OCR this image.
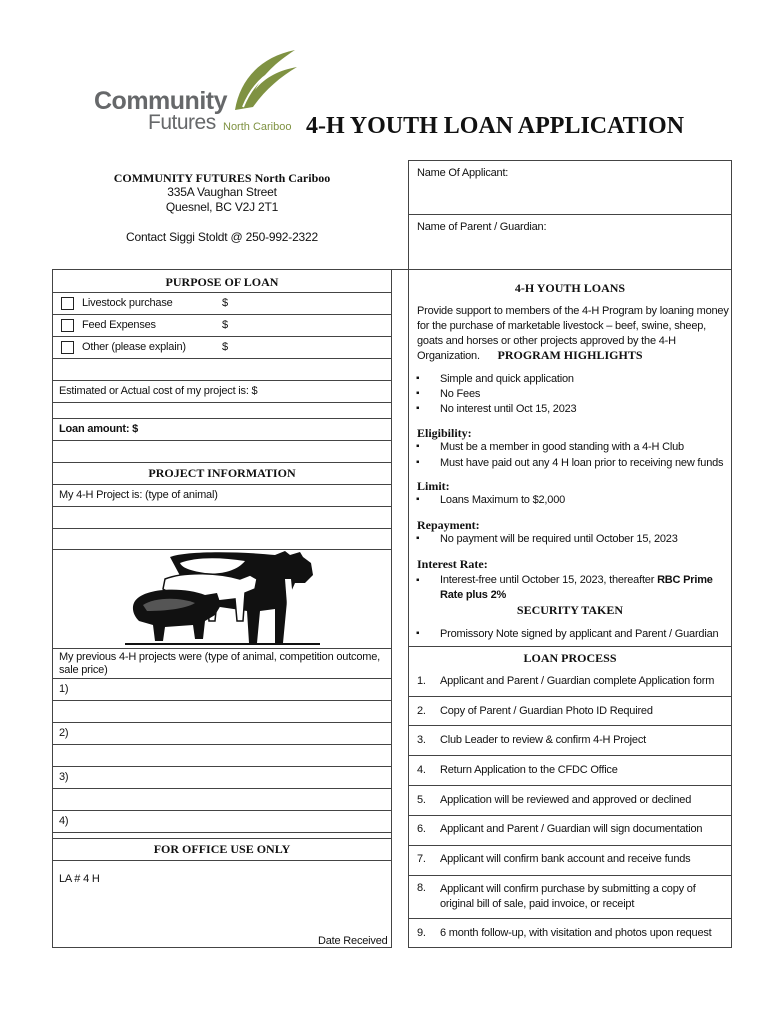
Community
Futures North Cariboo 4-H YOUTH LOAN APPLICATION
COMMUNITY FUTURES North Cariboo
335A Vaughan Street
Quesnel, BC V2J 2T1
Contact Siggi Stoldt @ 250-992-2322
Name Of Applicant:
Name of Parent / Guardian:
PURPOSE OF LOAN
Livestock purchase	$
Feed Expenses	$
Other (please explain)	$
Estimated or Actual cost of my project is: $
Loan amount: $
PROJECT INFORMATION
My 4-H Project is: (type of animal)
My previous 4-H projects were (type of animal, competition outcome, sale price)
1)
2)
3)
4)
FOR OFFICE USE ONLY
LA # 4 H
Date Received
4-H YOUTH LOANS
Provide support to members of the 4-H Program by loaning money for the purchase of marketable livestock – beef, swine, sheep, goats and horses or other projects approved by the 4-H Organization.	PROGRAM HIGHLIGHTS
▪ Simple and quick application
▪ No Fees
▪ No interest until Oct 15, 2023
Eligibility:
▪ Must be a member in good standing with a 4-H Club
▪ Must have paid out any 4 H loan prior to receiving new funds
Limit:
▪ Loans Maximum to $2,000
Repayment:
▪ No payment will be required until October 15, 2023
Interest Rate:
▪ Interest-free until October 15, 2023, thereafter RBC Prime Rate plus 2%
SECURITY TAKEN
▪ Promissory Note signed by applicant and Parent / Guardian
LOAN PROCESS
1. Applicant and Parent / Guardian complete Application form
2. Copy of Parent / Guardian Photo ID Required
3. Club Leader to review & confirm 4-H Project
4. Return Application to the CFDC Office
5. Application will be reviewed and approved or declined
6. Applicant and Parent / Guardian will sign documentation
7. Applicant will confirm bank account and receive funds
8. Applicant will confirm purchase by submitting a copy of original bill of sale, paid invoice, or receipt
9. 6 month follow-up, with visitation and photos upon request
